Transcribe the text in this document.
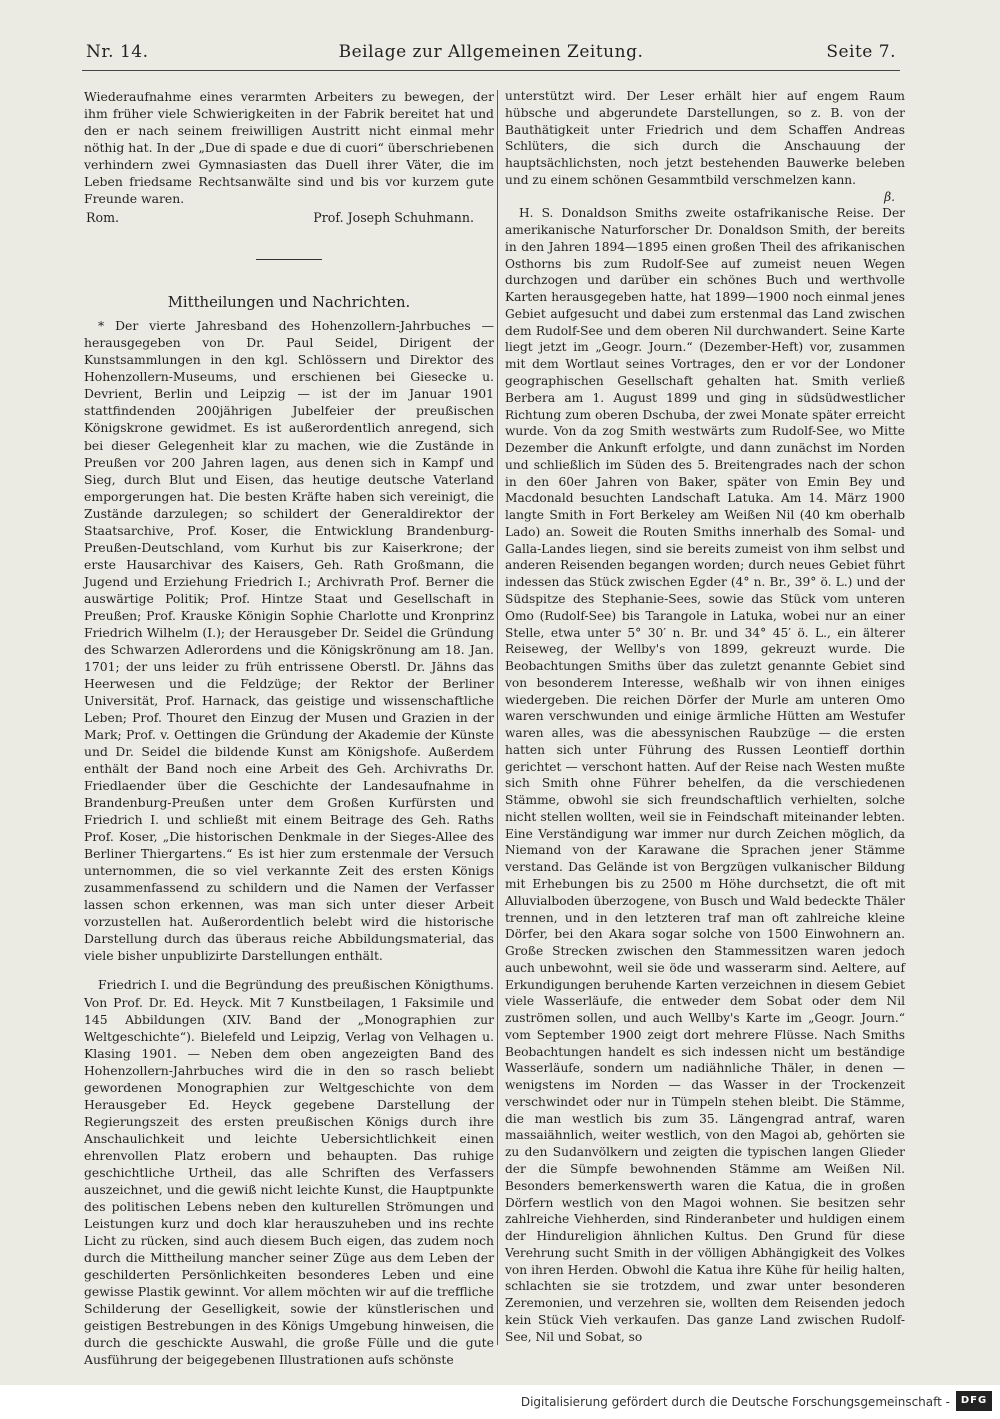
Nr. 14.	Beilage zur Allgemeinen Zeitung.	Seite 7.

Wiederaufnahme eines verarmten Arbeiters zu bewegen, der ihm früher viele Schwierigkeiten in der Fabrik bereitet hat und den er nach seinem freiwilligen Austritt nicht einmal mehr nöthig hat. In der „Due di spade e due di cuori“ überschriebenen verhindern zwei Gymnasiasten das Duell ihrer Väter, die im Leben friedsame Rechtsanwälte sind und bis vor kurzem gute Freunde waren.

Rom.	Prof. Joseph Schuhmann.
Mittheilungen und Nachrichten.

* Der vierte Jahresband des Hohenzollern-Jahrbuches — herausgegeben von Dr. Paul Seidel, Dirigent der Kunstsammlungen in den kgl. Schlössern und Direktor des Hohenzollern-Museums, und erschienen bei Giesecke u. Devrient, Berlin und Leipzig — ist der im Januar 1901 stattfindenden 200jährigen Jubelfeier der preußischen Königskrone gewidmet. Es ist außerordentlich anregend, sich bei dieser Gelegenheit klar zu machen, wie die Zustände in Preußen vor 200 Jahren lagen, aus denen sich in Kampf und Sieg, durch Blut und Eisen, das heutige deutsche Vaterland emporgerungen hat. Die besten Kräfte haben sich vereinigt, die Zustände darzulegen; so schildert der Generaldirektor der Staatsarchive, Prof. Koser, die Entwicklung Brandenburg-Preußen-Deutschland, vom Kurhut bis zur Kaiserkrone; der erste Hausarchivar des Kaisers, Geh. Rath Großmann, die Jugend und Erziehung Friedrich I.; Archivrath Prof. Berner die auswärtige Politik; Prof. Hintze Staat und Gesellschaft in Preußen; Prof. Krauske Königin Sophie Charlotte und Kronprinz Friedrich Wilhelm (I.); der Herausgeber Dr. Seidel die Gründung des Schwarzen Adlerordens und die Königskrönung am 18. Jan. 1701; der uns leider zu früh entrissene Oberstl. Dr. Jähns das Heerwesen und die Feldzüge; der Rektor der Berliner Universität, Prof. Harnack, das geistige und wissenschaftliche Leben; Prof. Thouret den Einzug der Musen und Grazien in der Mark; Prof. v. Oettingen die Gründung der Akademie der Künste und Dr. Seidel die bildende Kunst am Königshofe. Außerdem enthält der Band noch eine Arbeit des Geh. Archivraths Dr. Friedlaender über die Geschichte der Landesaufnahme in Brandenburg-Preußen unter dem Großen Kurfürsten und Friedrich I. und schließt mit einem Beitrage des Geh. Raths Prof. Koser, „Die historischen Denkmale in der Sieges-Allee des Berliner Thiergartens.“ Es ist hier zum erstenmale der Versuch unternommen, die so viel verkannte Zeit des ersten Königs zusammenfassend zu schildern und die Namen der Verfasser lassen schon erkennen, was man sich unter dieser Arbeit vorzustellen hat. Außerordentlich belebt wird die historische Darstellung durch das überaus reiche Abbildungsmaterial, das viele bisher unpublizirte Darstellungen enthält.

Friedrich I. und die Begründung des preußischen Königthums. Von Prof. Dr. Ed. Heyck. Mit 7 Kunstbeilagen, 1 Faksimile und 145 Abbildungen (XIV. Band der „Monographien zur Weltgeschichte“). Bielefeld und Leipzig, Verlag von Velhagen u. Klasing 1901. — Neben dem oben angezeigten Band des Hohenzollern-Jahrbuches wird die in den so rasch beliebt gewordenen Monographien zur Weltgeschichte von dem Herausgeber Ed. Heyck gegebene Darstellung der Regierungszeit des ersten preußischen Königs durch ihre Anschaulichkeit und leichte Uebersichtlichkeit einen ehrenvollen Platz erobern und behaupten. Das ruhige geschichtliche Urtheil, das alle Schriften des Verfassers auszeichnet, und die gewiß nicht leichte Kunst, die Hauptpunkte des politischen Lebens neben den kulturellen Strömungen und Leistungen kurz und doch klar herauszuheben und ins rechte Licht zu rücken, sind auch diesem Buch eigen, das zudem noch durch die Mittheilung mancher seiner Züge aus dem Leben der geschilderten Persönlichkeiten besonderes Leben und eine gewisse Plastik gewinnt. Vor allem möchten wir auf die treffliche Schilderung der Geselligkeit, sowie der künstlerischen und geistigen Bestrebungen in des Königs Umgebung hinweisen, die durch die geschickte Auswahl, die große Fülle und die gute Ausführung der beigegebenen Illustrationen aufs schönste

unterstützt wird. Der Leser erhält hier auf engem Raum hübsche und abgerundete Darstellungen, so z. B. von der Bauthätigkeit unter Friedrich und dem Schaffen Andreas Schlüters, die sich durch die Anschauung der hauptsächlichsten, noch jetzt bestehenden Bauwerke beleben und zu einem schönen Gesammtbild verschmelzen kann.

β.

H. S. Donaldson Smiths zweite ostafrikanische Reise. Der amerikanische Naturforscher Dr. Donaldson Smith, der bereits in den Jahren 1894—1895 einen großen Theil des afrikanischen Osthorns bis zum Rudolf-See auf zumeist neuen Wegen durchzogen und darüber ein schönes Buch und werthvolle Karten herausgegeben hatte, hat 1899—1900 noch einmal jenes Gebiet aufgesucht und dabei zum erstenmal das Land zwischen dem Rudolf-See und dem oberen Nil durchwandert. Seine Karte liegt jetzt im „Geogr. Journ.“ (Dezember-Heft) vor, zusammen mit dem Wortlaut seines Vortrages, den er vor der Londoner geographischen Gesellschaft gehalten hat. Smith verließ Berbera am 1. August 1899 und ging in südsüdwestlicher Richtung zum oberen Dschuba, der zwei Monate später erreicht wurde. Von da zog Smith westwärts zum Rudolf-See, wo Mitte Dezember die Ankunft erfolgte, und dann zunächst im Norden und schließlich im Süden des 5. Breitengrades nach der schon in den 60er Jahren von Baker, später von Emin Bey und Macdonald besuchten Landschaft Latuka. Am 14. März 1900 langte Smith in Fort Berkeley am Weißen Nil (40 km oberhalb Lado) an. Soweit die Routen Smiths innerhalb des Somal- und Galla-Landes liegen, sind sie bereits zumeist von ihm selbst und anderen Reisenden begangen worden; durch neues Gebiet führt indessen das Stück zwischen Egder (4° n. Br., 39° ö. L.) und der Südspitze des Stephanie-Sees, sowie das Stück vom unteren Omo (Rudolf-See) bis Tarangole in Latuka, wobei nur an einer Stelle, etwa unter 5° 30′ n. Br. und 34° 45′ ö. L., ein älterer Reiseweg, der Wellby's von 1899, gekreuzt wurde. Die Beobachtungen Smiths über das zuletzt genannte Gebiet sind von besonderem Interesse, weßhalb wir von ihnen einiges wiedergeben. Die reichen Dörfer der Murle am unteren Omo waren verschwunden und einige ärmliche Hütten am Westufer waren alles, was die abessynischen Raubzüge — die ersten hatten sich unter Führung des Russen Leontieff dorthin gerichtet — verschont hatten. Auf der Reise nach Westen mußte sich Smith ohne Führer behelfen, da die verschiedenen Stämme, obwohl sie sich freundschaftlich verhielten, solche nicht stellen wollten, weil sie in Feindschaft miteinander lebten. Eine Verständigung war immer nur durch Zeichen möglich, da Niemand von der Karawane die Sprachen jener Stämme verstand. Das Gelände ist von Bergzügen vulkanischer Bildung mit Erhebungen bis zu 2500 m Höhe durchsetzt, die oft mit Alluvialboden überzogene, von Busch und Wald bedeckte Thäler trennen, und in den letzteren traf man oft zahlreiche kleine Dörfer, bei den Akara sogar solche von 1500 Einwohnern an. Große Strecken zwischen den Stammessitzen waren jedoch auch unbewohnt, weil sie öde und wasserarm sind. Aeltere, auf Erkundigungen beruhende Karten verzeichnen in diesem Gebiet viele Wasserläufe, die entweder dem Sobat oder dem Nil zuströmen sollen, und auch Wellby's Karte im „Geogr. Journ.“ vom September 1900 zeigt dort mehrere Flüsse. Nach Smiths Beobachtungen handelt es sich indessen nicht um beständige Wasserläufe, sondern um nadiähnliche Thäler, in denen — wenigstens im Norden — das Wasser in der Trockenzeit verschwindet oder nur in Tümpeln stehen bleibt. Die Stämme, die man westlich bis zum 35. Längengrad antraf, waren massaiähnlich, weiter westlich, von den Magoi ab, gehörten sie zu den Sudanvölkern und zeigten die typischen langen Glieder der die Sümpfe bewohnenden Stämme am Weißen Nil. Besonders bemerkenswerth waren die Katua, die in großen Dörfern westlich von den Magoi wohnen. Sie besitzen sehr zahlreiche Viehherden, sind Rinderanbeter und huldigen einem der Hindureligion ähnlichen Kultus. Den Grund für diese Verehrung sucht Smith in der völligen Abhängigkeit des Volkes von ihren Herden. Obwohl die Katua ihre Kühe für heilig halten, schlachten sie sie trotzdem, und zwar unter besonderen Zeremonien, und verzehren sie, wollten dem Reisenden jedoch kein Stück Vieh verkaufen. Das ganze Land zwischen Rudolf-See, Nil und Sobat, so

Digitalisierung gefördert durch die Deutsche Forschungsgemeinschaft -	DFG
